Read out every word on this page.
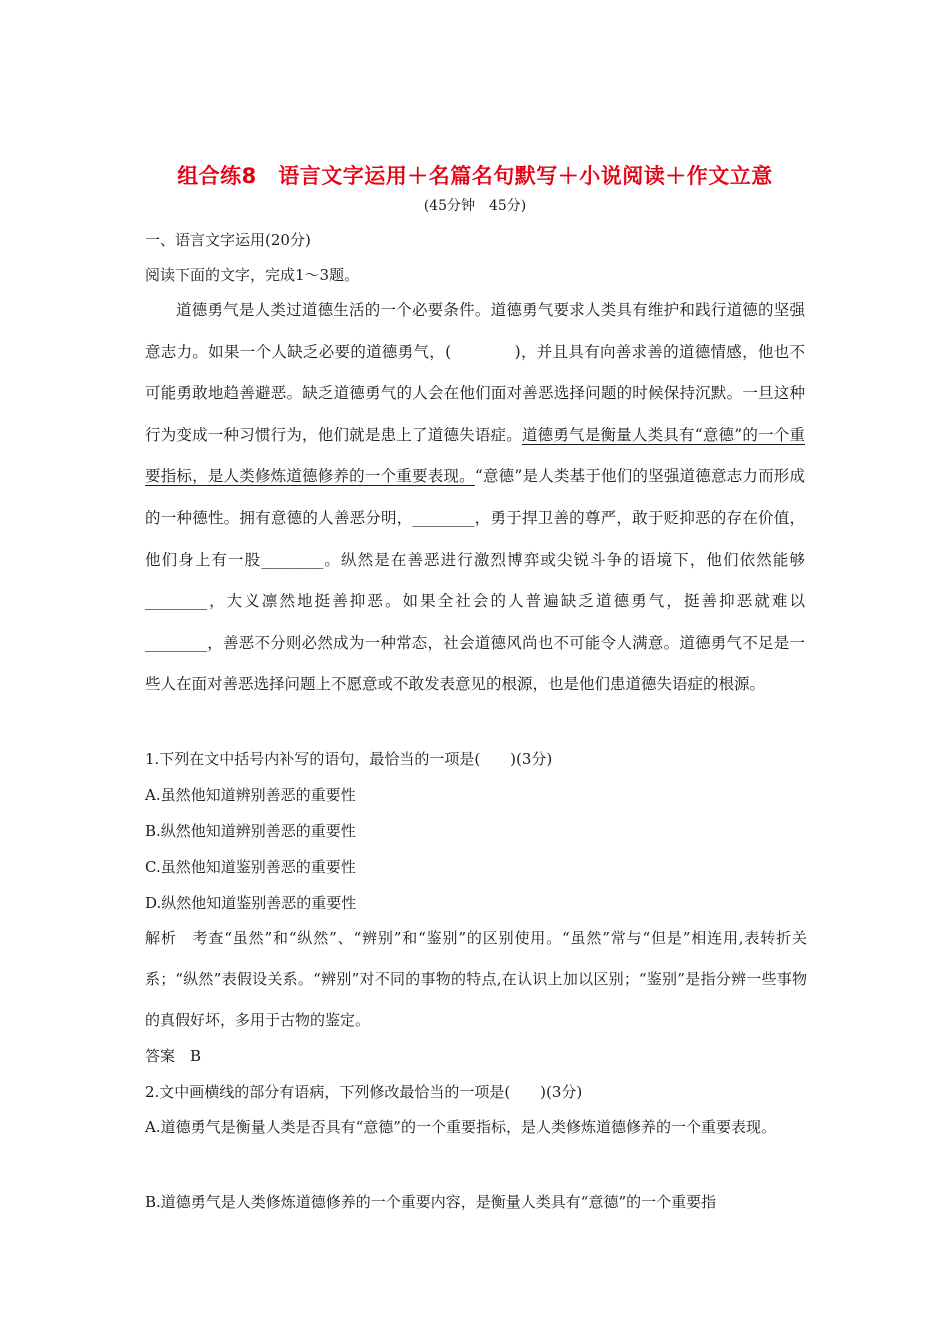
组合练8　语言文字运用＋名篇名句默写＋小说阅读＋作文立意
(45分钟　45分)
一、语言文字运用(20分)
阅读下面的文字，完成1～3题。
道德勇气是人类过道德生活的一个必要条件。道德勇气要求人类具有维护和践行道德的坚强意志力。如果一个人缺乏必要的道德勇气，(　　　　)，并且具有向善求善的道德情感，他也不可能勇敢地趋善避恶。缺乏道德勇气的人会在他们面对善恶选择问题的时候保持沉默。一旦这种行为变成一种习惯行为，他们就是患上了道德失语症。道德勇气是衡量人类具有“意德”的一个重要指标，是人类修炼道德修养的一个重要表现。“意德”是人类基于他们的坚强道德意志力而形成的一种德性。拥有意德的人善恶分明，________，勇于捍卫善的尊严，敢于贬抑恶的存在价值，他们身上有一股________。纵然是在善恶进行激烈博弈或尖锐斗争的语境下，他们依然能够________，大义凛然地挺善抑恶。如果全社会的人普遍缺乏道德勇气，挺善抑恶就难以________，善恶不分则必然成为一种常态，社会道德风尚也不可能令人满意。道德勇气不足是一些人在面对善恶选择问题上不愿意或不敢发表意见的根源，也是他们患道德失语症的根源。
1.下列在文中括号内补写的语句，最恰当的一项是(　　)(3分)
A.虽然他知道辨别善恶的重要性
B.纵然他知道辨别善恶的重要性
C.虽然他知道鉴别善恶的重要性
D.纵然他知道鉴别善恶的重要性
解析　考查“虽然”和“纵然”、“辨别”和“鉴别”的区别使用。“虽然”常与“但是”相连用,表转折关系；“纵然”表假设关系。“辨别”对不同的事物的特点,在认识上加以区别；“鉴别”是指分辨一些事物的真假好坏，多用于古物的鉴定。
答案　B
2.文中画横线的部分有语病，下列修改最恰当的一项是(　　)(3分)
A.道德勇气是衡量人类是否具有“意德”的一个重要指标，是人类修炼道德修养的一个重要表现。
B.道德勇气是人类修炼道德修养的一个重要内容，是衡量人类具有“意德”的一个重要指
